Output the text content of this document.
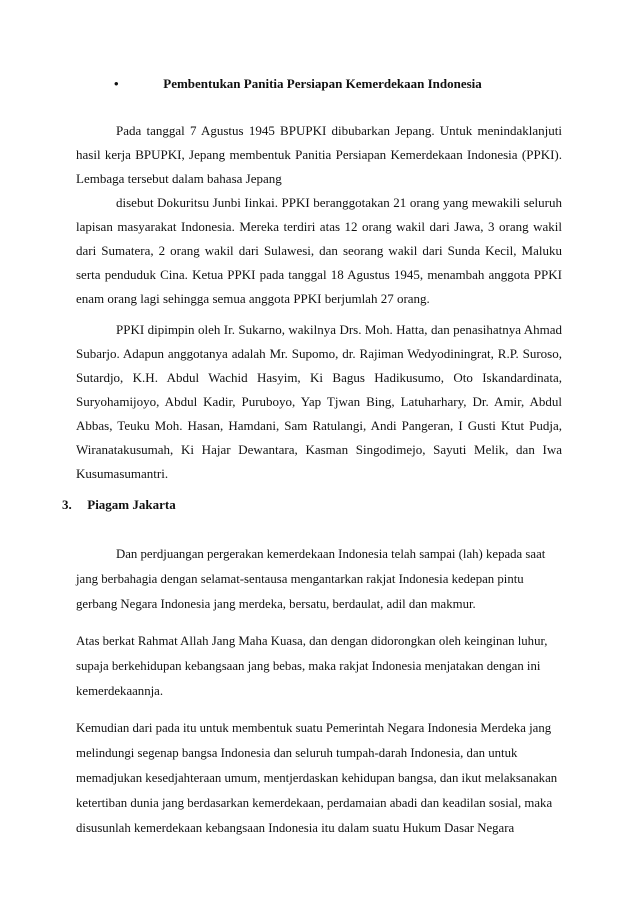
•	Pembentukan Panitia Persiapan Kemerdekaan Indonesia

Pada tanggal 7 Agustus 1945 BPUPKI dibubarkan Jepang. Untuk menindaklanjuti hasil kerja BPUPKI, Jepang membentuk Panitia Persiapan Kemerdekaan Indonesia (PPKI). Lembaga tersebut dalam bahasa Jepang
disebut Dokuritsu Junbi Iinkai. PPKI beranggotakan 21 orang yang mewakili seluruh lapisan masyarakat Indonesia. Mereka terdiri atas 12 orang wakil dari Jawa, 3 orang wakil dari Sumatera, 2 orang wakil dari Sulawesi, dan seorang wakil dari Sunda Kecil, Maluku serta penduduk Cina. Ketua PPKI pada tanggal 18 Agustus 1945, menambah anggota PPKI enam orang lagi sehingga semua anggota PPKI berjumlah 27 orang.

PPKI dipimpin oleh Ir. Sukarno, wakilnya Drs. Moh. Hatta, dan penasihatnya Ahmad Subarjo. Adapun anggotanya adalah Mr. Supomo, dr. Rajiman Wedyodiningrat, R.P. Suroso, Sutardjo, K.H. Abdul Wachid Hasyim, Ki Bagus Hadikusumo, Oto Iskandardinata, Suryohamijoyo, Abdul Kadir, Puruboyo, Yap Tjwan Bing, Latuharhary, Dr. Amir, Abdul Abbas, Teuku Moh. Hasan, Hamdani, Sam Ratulangi, Andi Pangeran, I Gusti Ktut Pudja, Wiranatakusumah, Ki Hajar Dewantara, Kasman Singodimejo, Sayuti Melik, dan Iwa Kusumasumantri.

3. Piagam Jakarta

Dan perdjuangan pergerakan kemerdekaan Indonesia telah sampai (lah) kepada saat jang berbahagia dengan selamat-sentausa mengantarkan rakjat Indonesia kedepan pintu gerbang Negara Indonesia jang merdeka, bersatu, berdaulat, adil dan makmur.

Atas berkat Rahmat Allah Jang Maha Kuasa, dan dengan didorongkan oleh keinginan luhur, supaja berkehidupan kebangsaan jang bebas, maka rakjat Indonesia menjatakan dengan ini kemerdekaannja.

Kemudian dari pada itu untuk membentuk suatu Pemerintah Negara Indonesia Merdeka jang melindungi segenap bangsa Indonesia dan seluruh tumpah-darah Indonesia, dan untuk memadjukan kesedjahteraan umum, mentjerdaskan kehidupan bangsa, dan ikut melaksanakan ketertiban dunia jang berdasarkan kemerdekaan, perdamaian abadi dan keadilan sosial, maka disusunlah kemerdekaan kebangsaan Indonesia itu dalam suatu Hukum Dasar Negara
